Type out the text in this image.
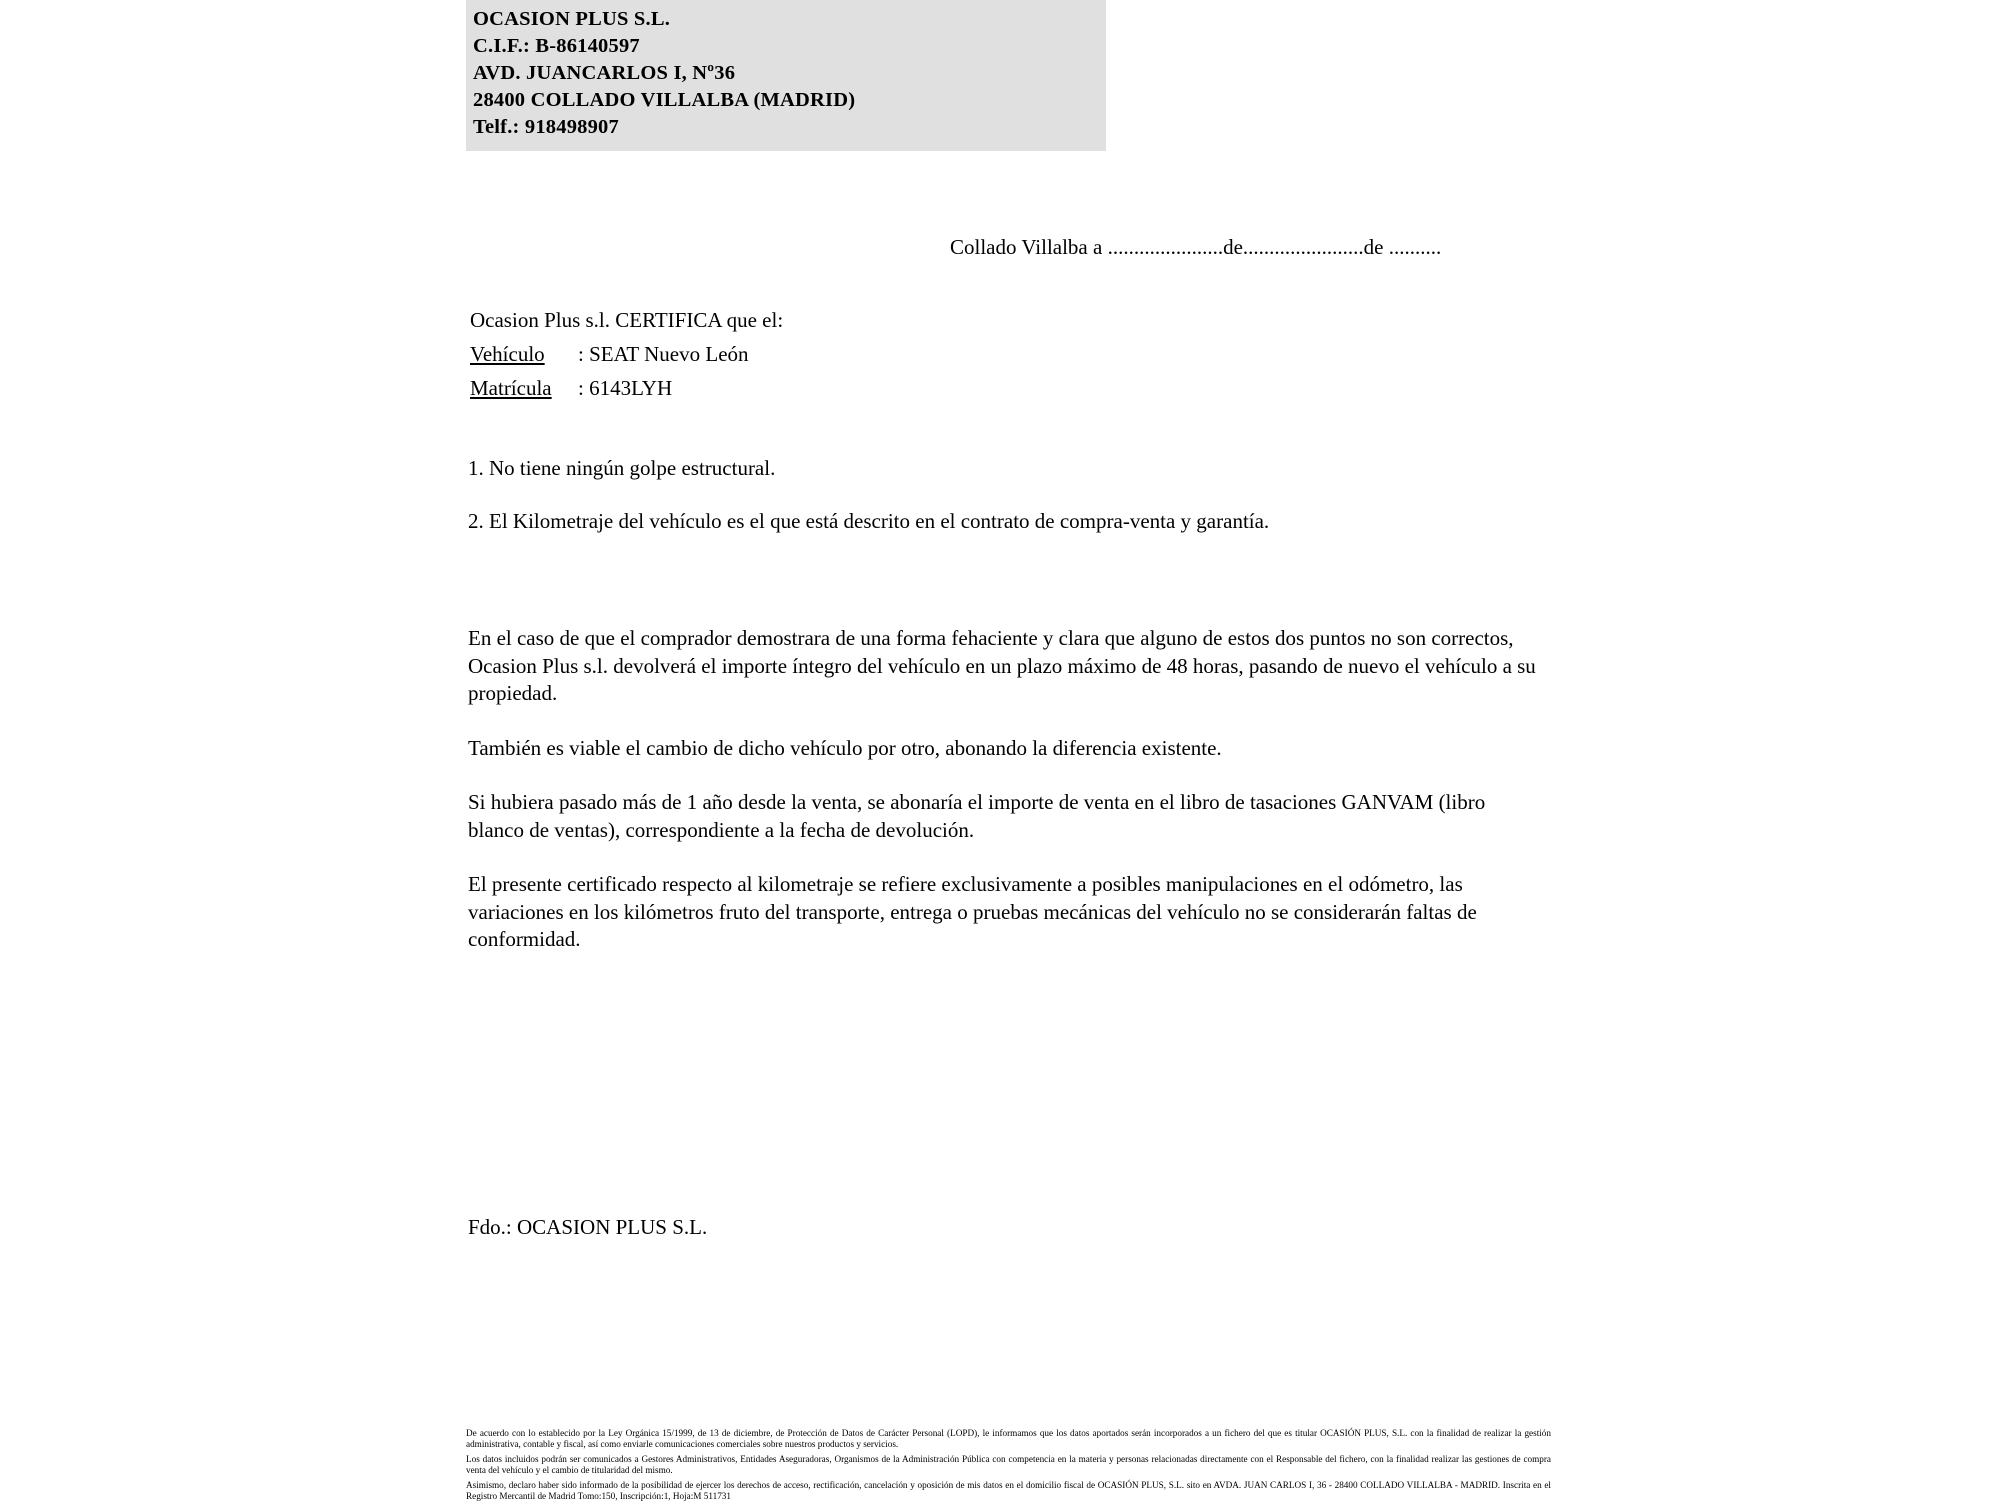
OCASION PLUS S.L.
C.I.F.: B-86140597
AVD. JUANCARLOS I, Nº36
28400 COLLADO VILLALBA (MADRID)
Telf.: 918498907
Collado Villalba a ......................de.......................de ..........
Ocasion Plus s.l. CERTIFICA que el:
Vehículo : SEAT Nuevo León
Matrícula : 6143LYH

1. No tiene ningún golpe estructural.

2. El Kilometraje del vehículo es el que está descrito en el contrato de compra-venta y garantía.

En el caso de que el comprador demostrara de una forma fehaciente y clara que alguno de estos dos puntos no son correctos, Ocasion Plus s.l. devolverá el importe íntegro del vehículo en un plazo máximo de 48 horas, pasando de nuevo el vehículo a su propiedad.

También es viable el cambio de dicho vehículo por otro, abonando la diferencia existente.

Si hubiera pasado más de 1 año desde la venta, se abonaría el importe de venta en el libro de tasaciones GANVAM (libro blanco de ventas), correspondiente a la fecha de devolución.

El presente certificado respecto al kilometraje se refiere exclusivamente a posibles manipulaciones en el odómetro, las variaciones en los kilómetros fruto del transporte, entrega o pruebas mecánicas del vehículo no se considerarán faltas de conformidad.

Fdo.: OCASION PLUS S.L.

De acuerdo con lo establecido por la Ley Orgánica 15/1999, de 13 de diciembre, de Protección de Datos de Carácter Personal (LOPD), le informamos que los datos aportados serán incorporados a un fichero del que es titular OCASIÓN PLUS, S.L. con la finalidad de realizar la gestión administrativa, contable y fiscal, así como enviarle comunicaciones comerciales sobre nuestros productos y servicios.

Los datos incluidos podrán ser comunicados a Gestores Administrativos, Entidades Aseguradoras, Organismos de la Administración Pública con competencia en la materia y personas relacionadas directamente con el Responsable del fichero, con la finalidad realizar las gestiones de compra venta del vehículo y el cambio de titularidad del mismo.

Asimismo, declaro haber sido informado de la posibilidad de ejercer los derechos de acceso, rectificación, cancelación y oposición de mis datos en el domicilio fiscal de OCASIÓN PLUS, S.L. sito en AVDA. JUAN CARLOS I, 36 - 28400 COLLADO VILLALBA - MADRID. Inscrita en el Registro Mercantil de Madrid Tomo:150, Inscripción:1, Hoja:M 511731
